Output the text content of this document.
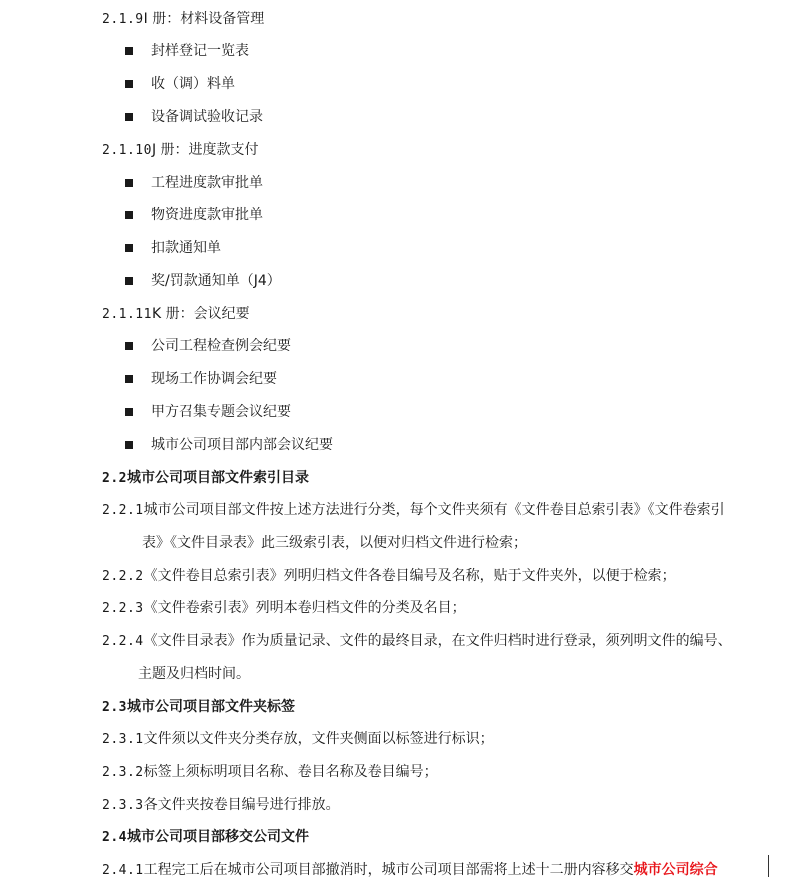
2.1.9I 册：材料设备管理
封样登记一览表
收（调）料单
设备调试验收记录
2.1.10J 册：进度款支付
工程进度款审批单
物资进度款审批单
扣款通知单
奖/罚款通知单（J4）
2.1.11K 册：会议纪要
公司工程检查例会纪要
现场工作协调会纪要
甲方召集专题会议纪要
城市公司项目部内部会议纪要
2.2城市公司项目部文件索引目录
2.2.1城市公司项目部文件按上述方法进行分类，每个文件夹须有《文件卷目总索引表》《文件卷索引
表》《文件目录表》此三级索引表，以便对归档文件进行检索；
2.2.2《文件卷目总索引表》列明归档文件各卷目编号及名称，贴于文件夹外，以便于检索；
2.2.3《文件卷索引表》列明本卷归档文件的分类及名目；
2.2.4《文件目录表》作为质量记录、文件的最终目录，在文件归档时进行登录，须列明文件的编号、
主题及归档时间。
2.3城市公司项目部文件夹标签
2.3.1文件须以文件夹分类存放，文件夹侧面以标签进行标识；
2.3.2标签上须标明项目名称、卷目名称及卷目编号；
2.3.3各文件夹按卷目编号进行排放。
2.4城市公司项目部移交公司文件
2.4.1工程完工后在城市公司项目部撤消时，城市公司项目部需将上述十二册内容移交城市公司综合
